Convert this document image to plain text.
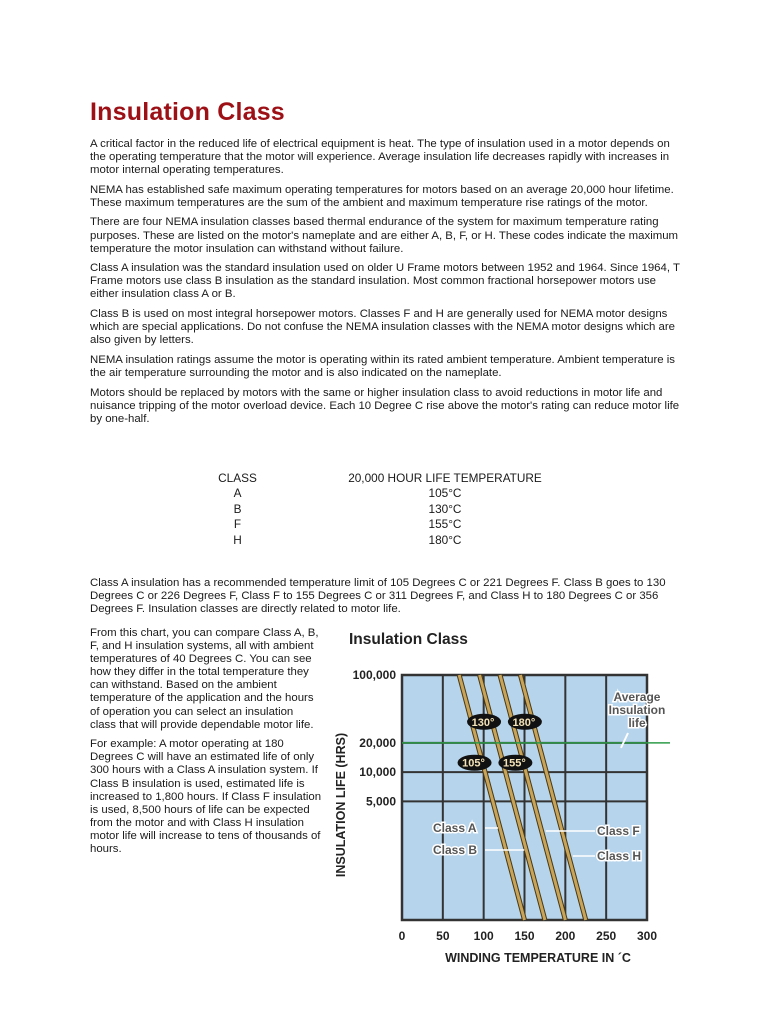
Insulation Class

A critical factor in the reduced life of electrical equipment is heat. The type of insulation used in a motor depends on the operating temperature that the motor will experience. Average insulation life decreases rapidly with increases in motor internal operating temperatures.

NEMA has established safe maximum operating temperatures for motors based on an average 20,000 hour lifetime. These maximum temperatures are the sum of the ambient and maximum temperature rise ratings of the motor.

There are four NEMA insulation classes based thermal endurance of the system for maximum temperature rating purposes. These are listed on the motor's nameplate and are either A, B, F, or H. These codes indicate the maximum temperature the motor insulation can withstand without failure.

Class A insulation was the standard insulation used on older U Frame motors between 1952 and 1964. Since 1964, T Frame motors use class B insulation as the standard insulation. Most common fractional horsepower motors use either insulation class A or B.

Class B is used on most integral horsepower motors. Classes F and H are generally used for NEMA motor designs which are special applications. Do not confuse the NEMA insulation classes with the NEMA motor designs which are also given by letters.

NEMA insulation ratings assume the motor is operating within its rated ambient temperature. Ambient temperature is the air temperature surrounding the motor and is also indicated on the nameplate.

Motors should be replaced by motors with the same or higher insulation class to avoid reductions in motor life and nuisance tripping of the motor overload device. Each 10 Degree C rise above the motor's rating can reduce motor life by one-half.

CLASS	20,000 HOUR LIFE TEMPERATURE
A	105°C
B	130°C
F	155°C
H	180°C

Class A insulation has a recommended temperature limit of 105 Degrees C or 221 Degrees F. Class B goes to 130 Degrees C or 226 Degrees F, Class F to 155 Degrees C or 311 Degrees F, and Class H to 180 Degrees C or 356 Degrees F. Insulation classes are directly related to motor life.

From this chart, you can compare Class A, B, F, and H insulation systems, all with ambient temperatures of 40 Degrees C. You can see how they differ in the total temperature they can withstand. Based on the ambient temperature of the application and the hours of operation you can select an insulation class that will provide dependable motor life.

For example: A motor operating at 180 Degrees C will have an estimated life of only 300 hours with a Class A insulation system. If Class B insulation is used, estimated life is increased to 1,800 hours. If Class F insulation is used, 8,500 hours of life can be expected from the motor and with Class H insulation motor life will increase to tens of thousands of hours.

Insulation Class
INSULATION LIFE (HRS)
WINDING TEMPERATURE IN ´C
0	50 100 150 200 250 300
100,000
20,000
10,000
5,000
Average
Insulation
life
105°
130°
155°
180°
Class A
Class B
Class F
Class H
